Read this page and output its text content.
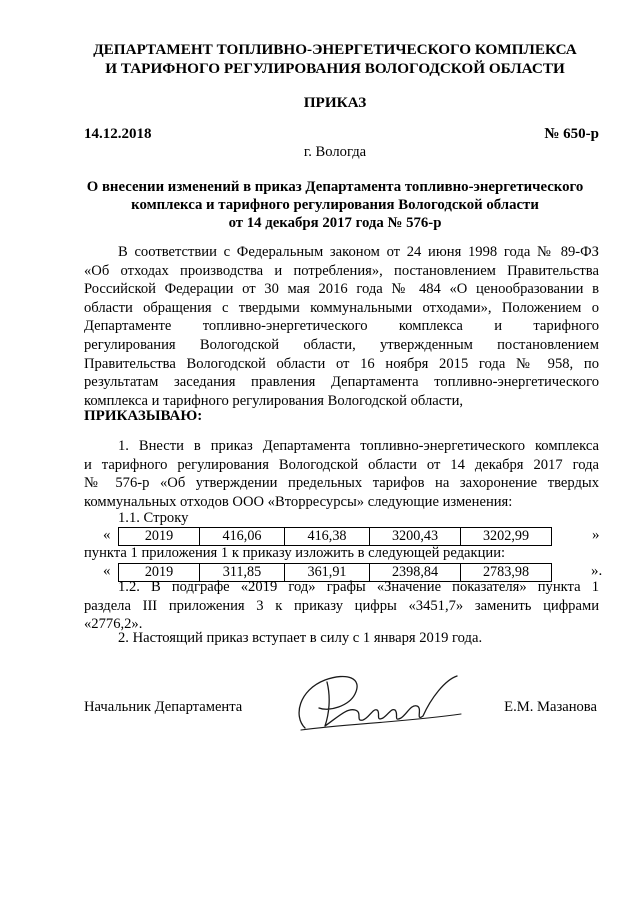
ДЕПАРТАМЕНТ ТОПЛИВНО-ЭНЕРГЕТИЧЕСКОГО КОМПЛЕКСА
И ТАРИФНОГО РЕГУЛИРОВАНИЯ ВОЛОГОДСКОЙ ОБЛАСТИ
ПРИКАЗ
14.12.2018	№ 650-р
г. Вологда
О внесении изменений в приказ Департамента топливно-энергетического
комплекса и тарифного регулирования Вологодской области
от 14 декабря 2017 года № 576-р
В соответствии с Федеральным законом от 24 июня 1998 года № 89-ФЗ
«Об отходах производства и потребления», постановлением Правительства
Российской Федерации от 30 мая 2016 года № 484 «О ценообразовании в
области обращения с твердыми коммунальными отходами», Положением о
Департаменте топливно-энергетического комплекса и тарифного
регулирования Вологодской области, утвержденным постановлением
Правительства Вологодской области от 16 ноября 2015 года № 958, по
результатам заседания правления Департамента топливно-энергетического
комплекса и тарифного регулирования Вологодской области,
ПРИКАЗЫВАЮ:
1. Внести в приказ Департамента топливно-энергетического комплекса
и тарифного регулирования Вологодской области от 14 декабря 2017 года
№ 576-р «Об утверждении предельных тарифов на захоронение твердых
коммунальных отходов ООО «Вторресурсы» следующие изменения:
1.1. Строку
« 2019	416,06	416,38	3200,43	3202,99	»
пункта 1 приложения 1 к приказу изложить в следующей редакции:
« 2019	311,85	361,91	2398,84	2783,98	».
1.2. В подграфе «2019 год» графы «Значение показателя» пункта 1
раздела III приложения 3 к приказу цифры «3451,7» заменить цифрами
«2776,2».
2. Настоящий приказ вступает в силу с 1 января 2019 года.
Начальник Департамента	Е.М. Мазанова
